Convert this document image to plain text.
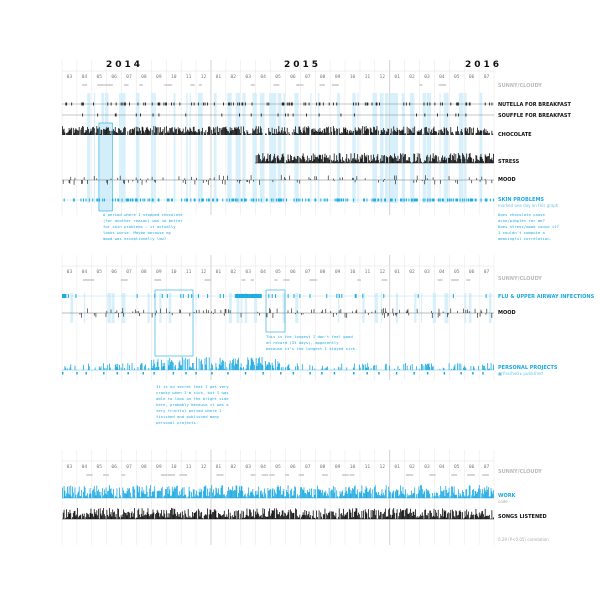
03 04 05 06 07 08 09 10 11 12 01 02 03 04 05 06 07 08 09 10 11 12 01 02 03 04 05 06 07
03 04 05 06 07 08 09 10 11 12 01 02 03 04 05 06 07 08 09 10 11 12 01 02 03 04 05 06 07
03 04 05 06 07 08 09 10 11 12 01 02 03 04 05 06 07 08 09 10 11 12 01 02 03 04 05 06 07
2014	2015	2016
SUNNY/CLOUDY
NUTELLA FOR BREAKFAST
SOUFFLE FOR BREAKFAST
CHOCOLATE
STRESS
MOOD
SKIN PROBLEMS
marked one day on this graph
A period where I stopped chocolate
(for another reason) was no better
for skin problems — it actually
looks worse. Maybe because my
mood was exceptionally low?
Does chocolate cause
acne/pimples for me?
Does stress/mood cause it?
I couldn't compute a
meaningful correlation.
SUNNY/CLOUDY
FLU & UPPER AIRWAY INFECTIONS
MOOD
PERSONAL PROJECTS
■ finished ▸ published
This is the longest I don't feel good
on record (33 days), apparently
because it's the longest I stayed sick.
It is no secret that I get very
cranky when I'm sick, but I was
able to look on the bright side
here, probably because it was a
very fruitful period where I
finished and published many
personal projects.
SUNNY/CLOUDY
WORK
code
SONGS LISTENED
0.29 (P<0.05) correlation
